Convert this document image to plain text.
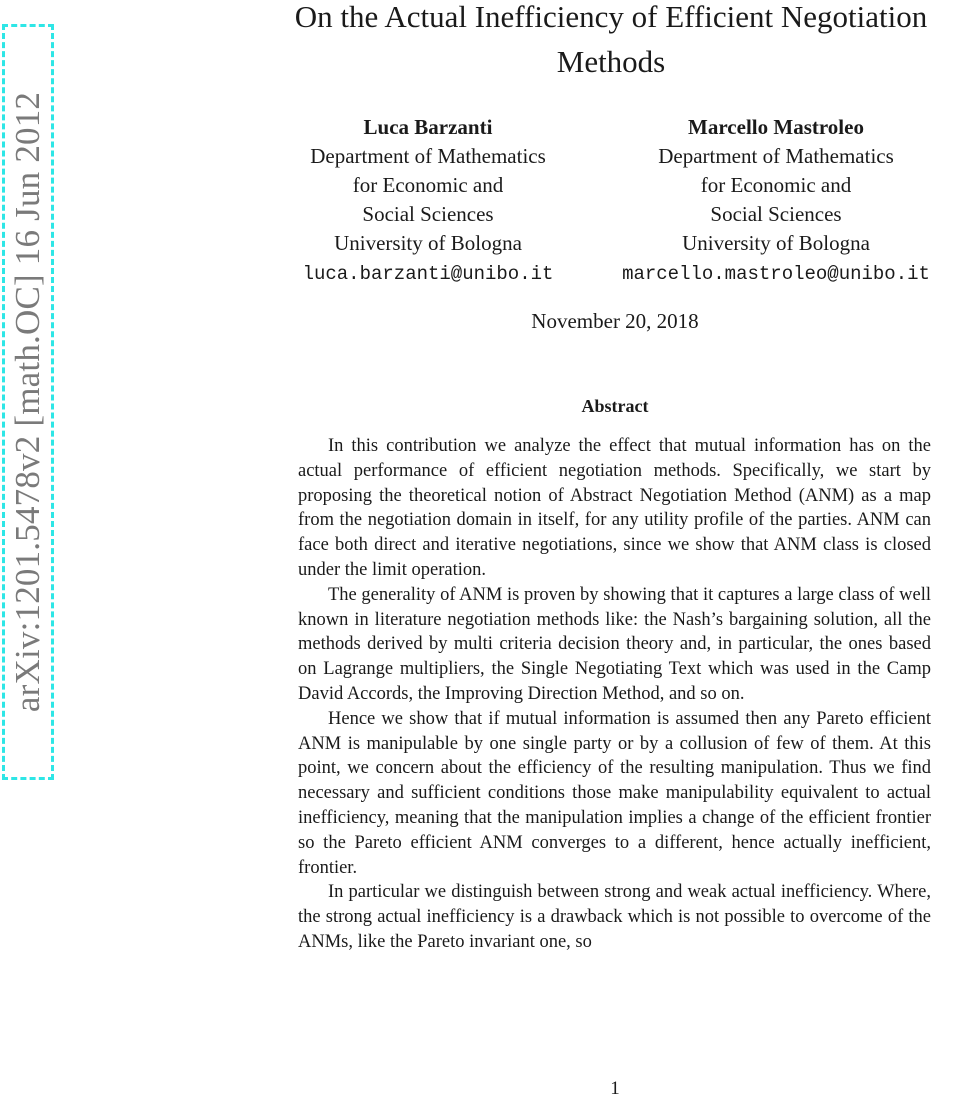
arXiv:1201.5478v2 [math.OC] 16 Jun 2012
On the Actual Inefficiency of Efficient Negotiation
Methods
Luca Barzanti
Department of Mathematics
for Economic and
Social Sciences
University of Bologna
luca.barzanti@unibo.it
Marcello Mastroleo
Department of Mathematics
for Economic and
Social Sciences
University of Bologna
marcello.mastroleo@unibo.it
November 20, 2018
Abstract

In this contribution we analyze the effect that mutual information has on the actual performance of efficient negotiation methods. Specifically, we start by proposing the theoretical notion of Abstract Negotiation Method (ANM) as a map from the negotiation domain in itself, for any utility profile of the parties. ANM can face both direct and iterative negotiations, since we show that ANM class is closed under the limit operation.

The generality of ANM is proven by showing that it captures a large class of well known in literature negotiation methods like: the Nash’s bargaining solution, all the methods derived by multi criteria decision theory and, in particular, the ones based on Lagrange multipliers, the Single Negotiating Text which was used in the Camp David Accords, the Improving Direction Method, and so on.

Hence we show that if mutual information is assumed then any Pareto efficient ANM is manipulable by one single party or by a collusion of few of them. At this point, we concern about the efficiency of the resulting manipulation. Thus we find necessary and sufficient conditions those make manipulability equivalent to actual inefficiency, meaning that the manipulation implies a change of the efficient frontier so the Pareto efficient ANM converges to a different, hence actually inefficient, frontier.

In particular we distinguish between strong and weak actual inefficiency. Where, the strong actual inefficiency is a drawback which is not possible to overcome of the ANMs, like the Pareto invariant one, so

1
